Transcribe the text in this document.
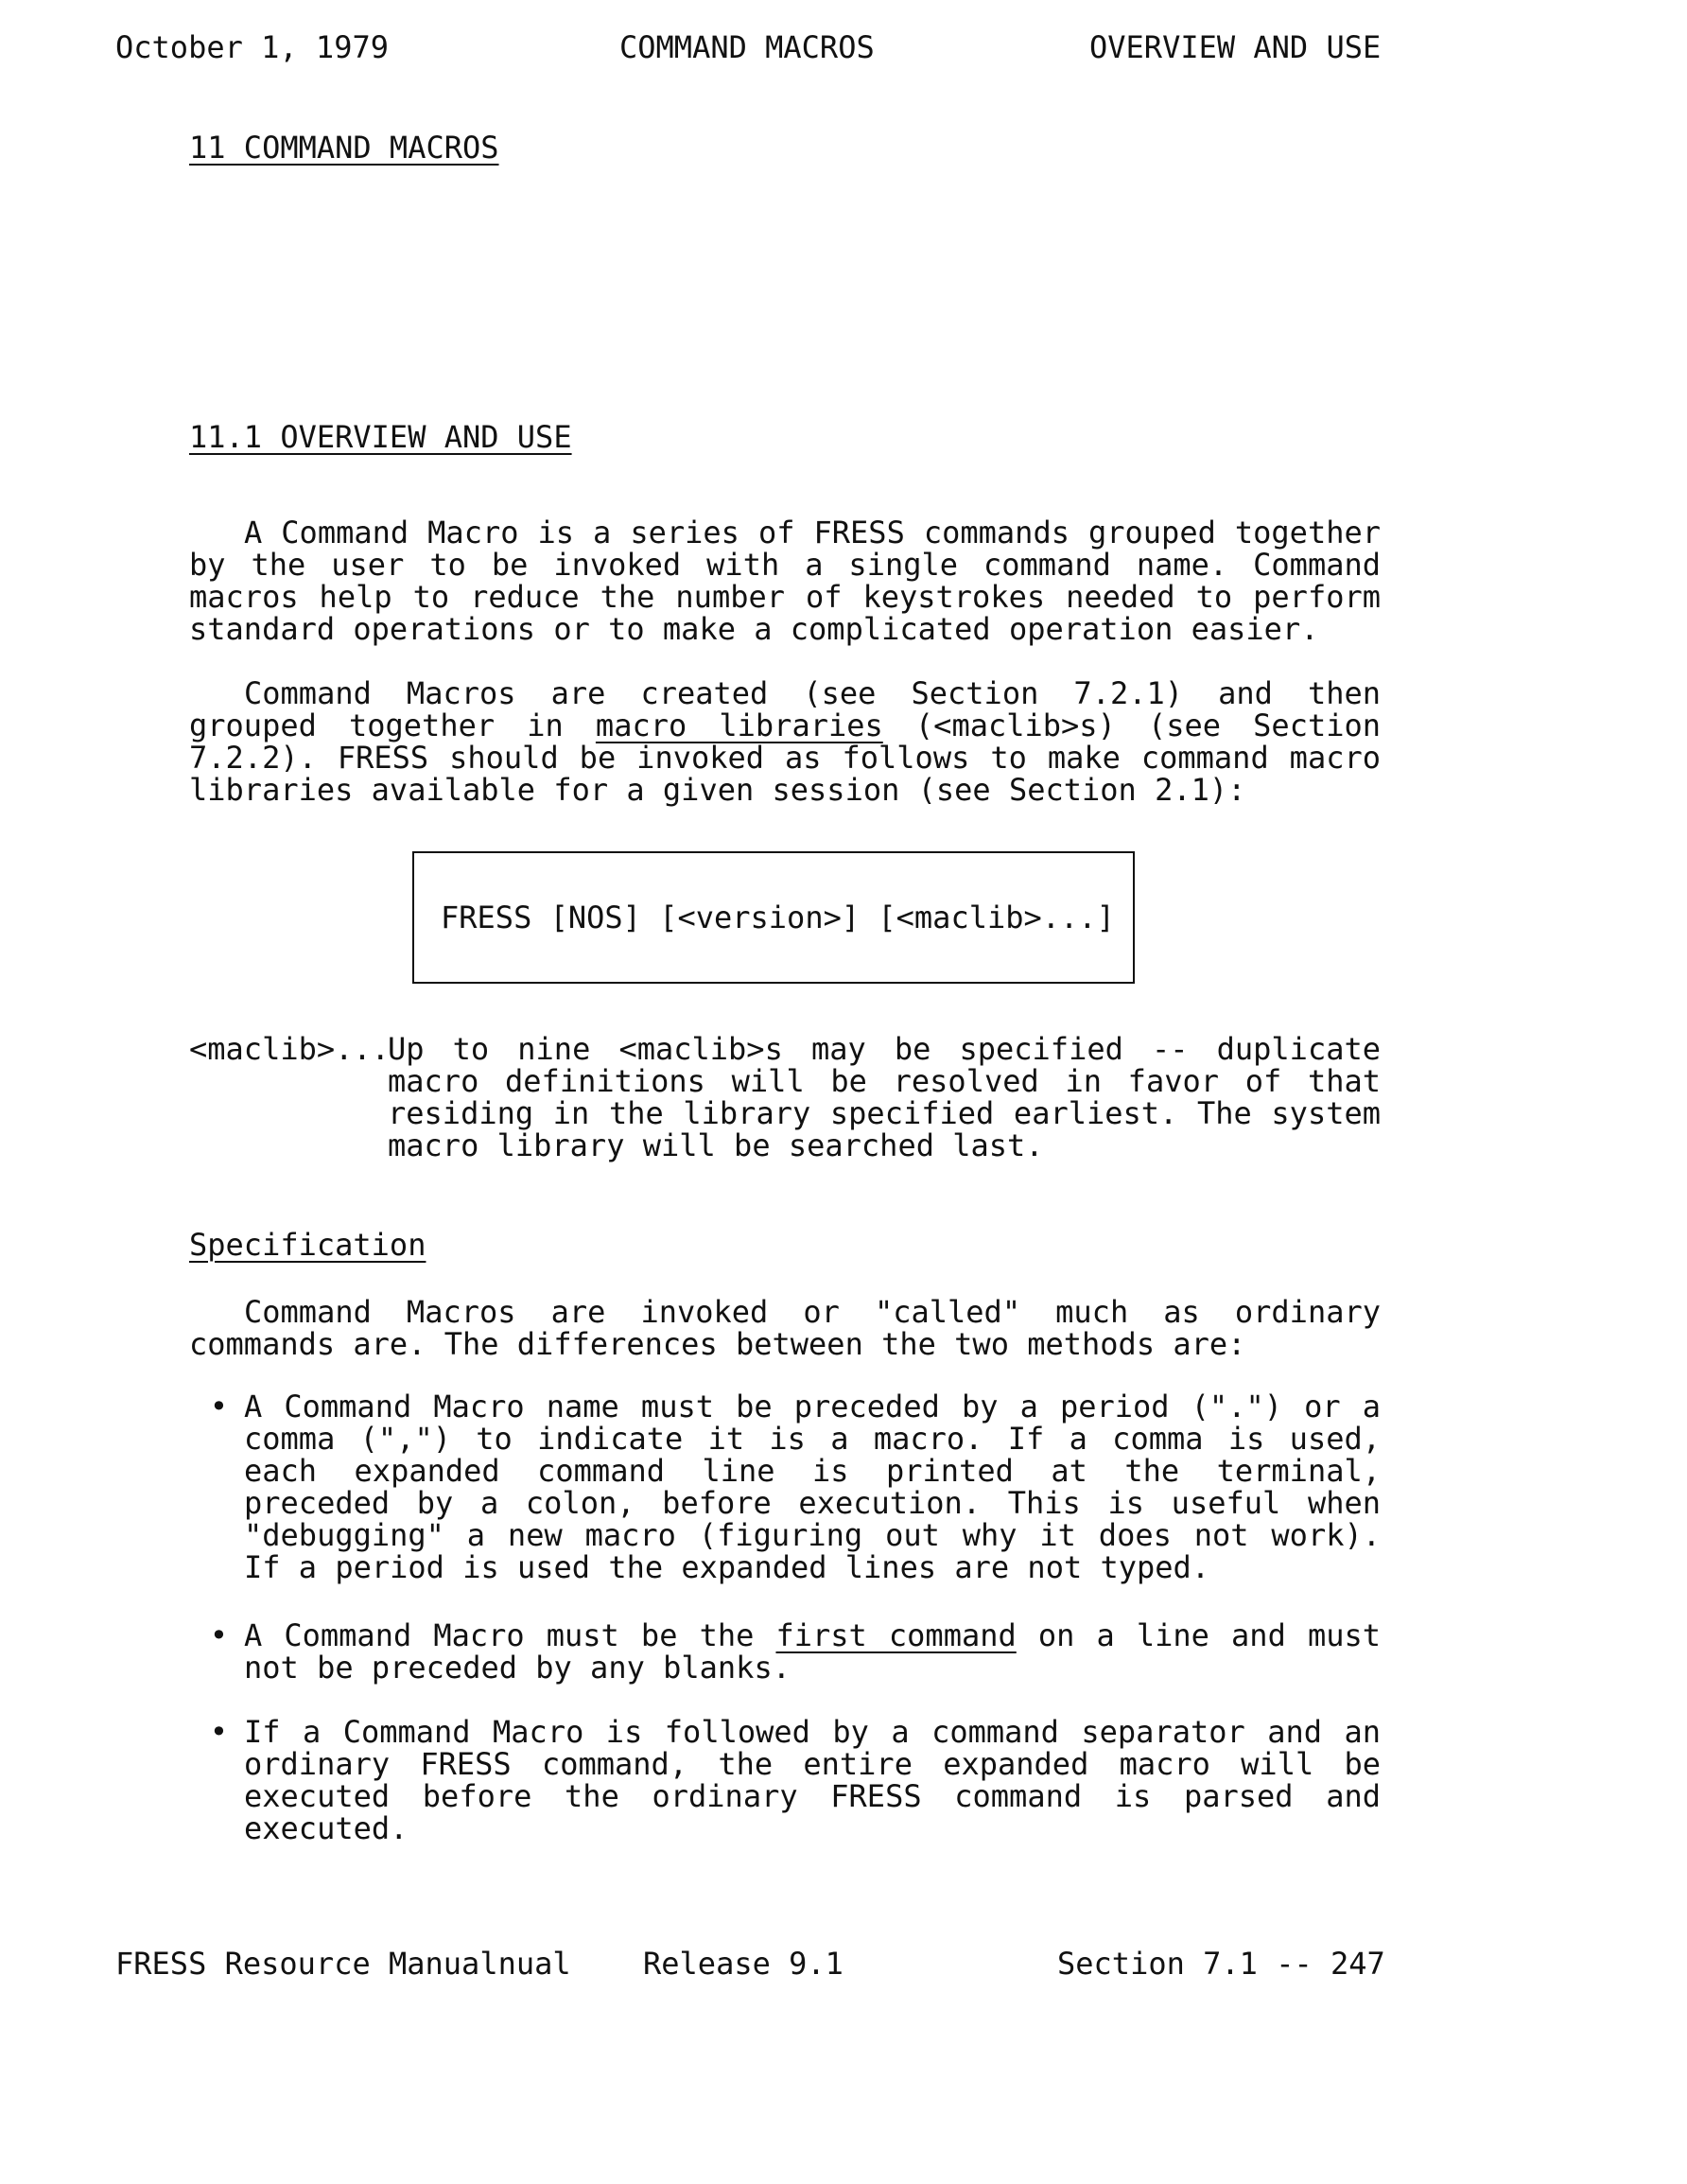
October 1, 1979	COMMAND MACROS	OVERVIEW AND USE
11 COMMAND MACROS
11.1 OVERVIEW AND USE
A Command Macro is a series of FRESS commands grouped together by the user to be invoked with a single command name. Command macros help to reduce the number of keystrokes needed to perform standard operations or to make a complicated operation easier.
Command Macros are created (see Section 7.2.1) and then grouped together in macro libraries (<maclib>s) (see Section 7.2.2). FRESS should be invoked as follows to make command macro libraries available for a given session (see Section 2.1):
FRESS [NOS] [<version>] [<maclib>...]
<maclib>...
Up to nine <maclib>s may be specified -- duplicate macro definitions will be resolved in favor of that residing in the library specified earliest. The system macro library will be searched last.
Specification
Command Macros are invoked or "called" much as ordinary commands are. The differences between the two methods are:
• A Command Macro name must be preceded by a period (".") or a comma (",") to indicate it is a macro. If a comma is used, each expanded command line is printed at the terminal, preceded by a colon, before execution. This is useful when "debugging" a new macro (figuring out why it does not work). If a period is used the expanded lines are not typed.
• A Command Macro must be the first command on a line and must not be preceded by any blanks.
• If a Command Macro is followed by a command separator and an ordinary FRESS command, the entire expanded macro will be executed before the ordinary FRESS command is parsed and executed.
FRESS Resource Manualnual Release 9.1	Section 7.1 -- 247
